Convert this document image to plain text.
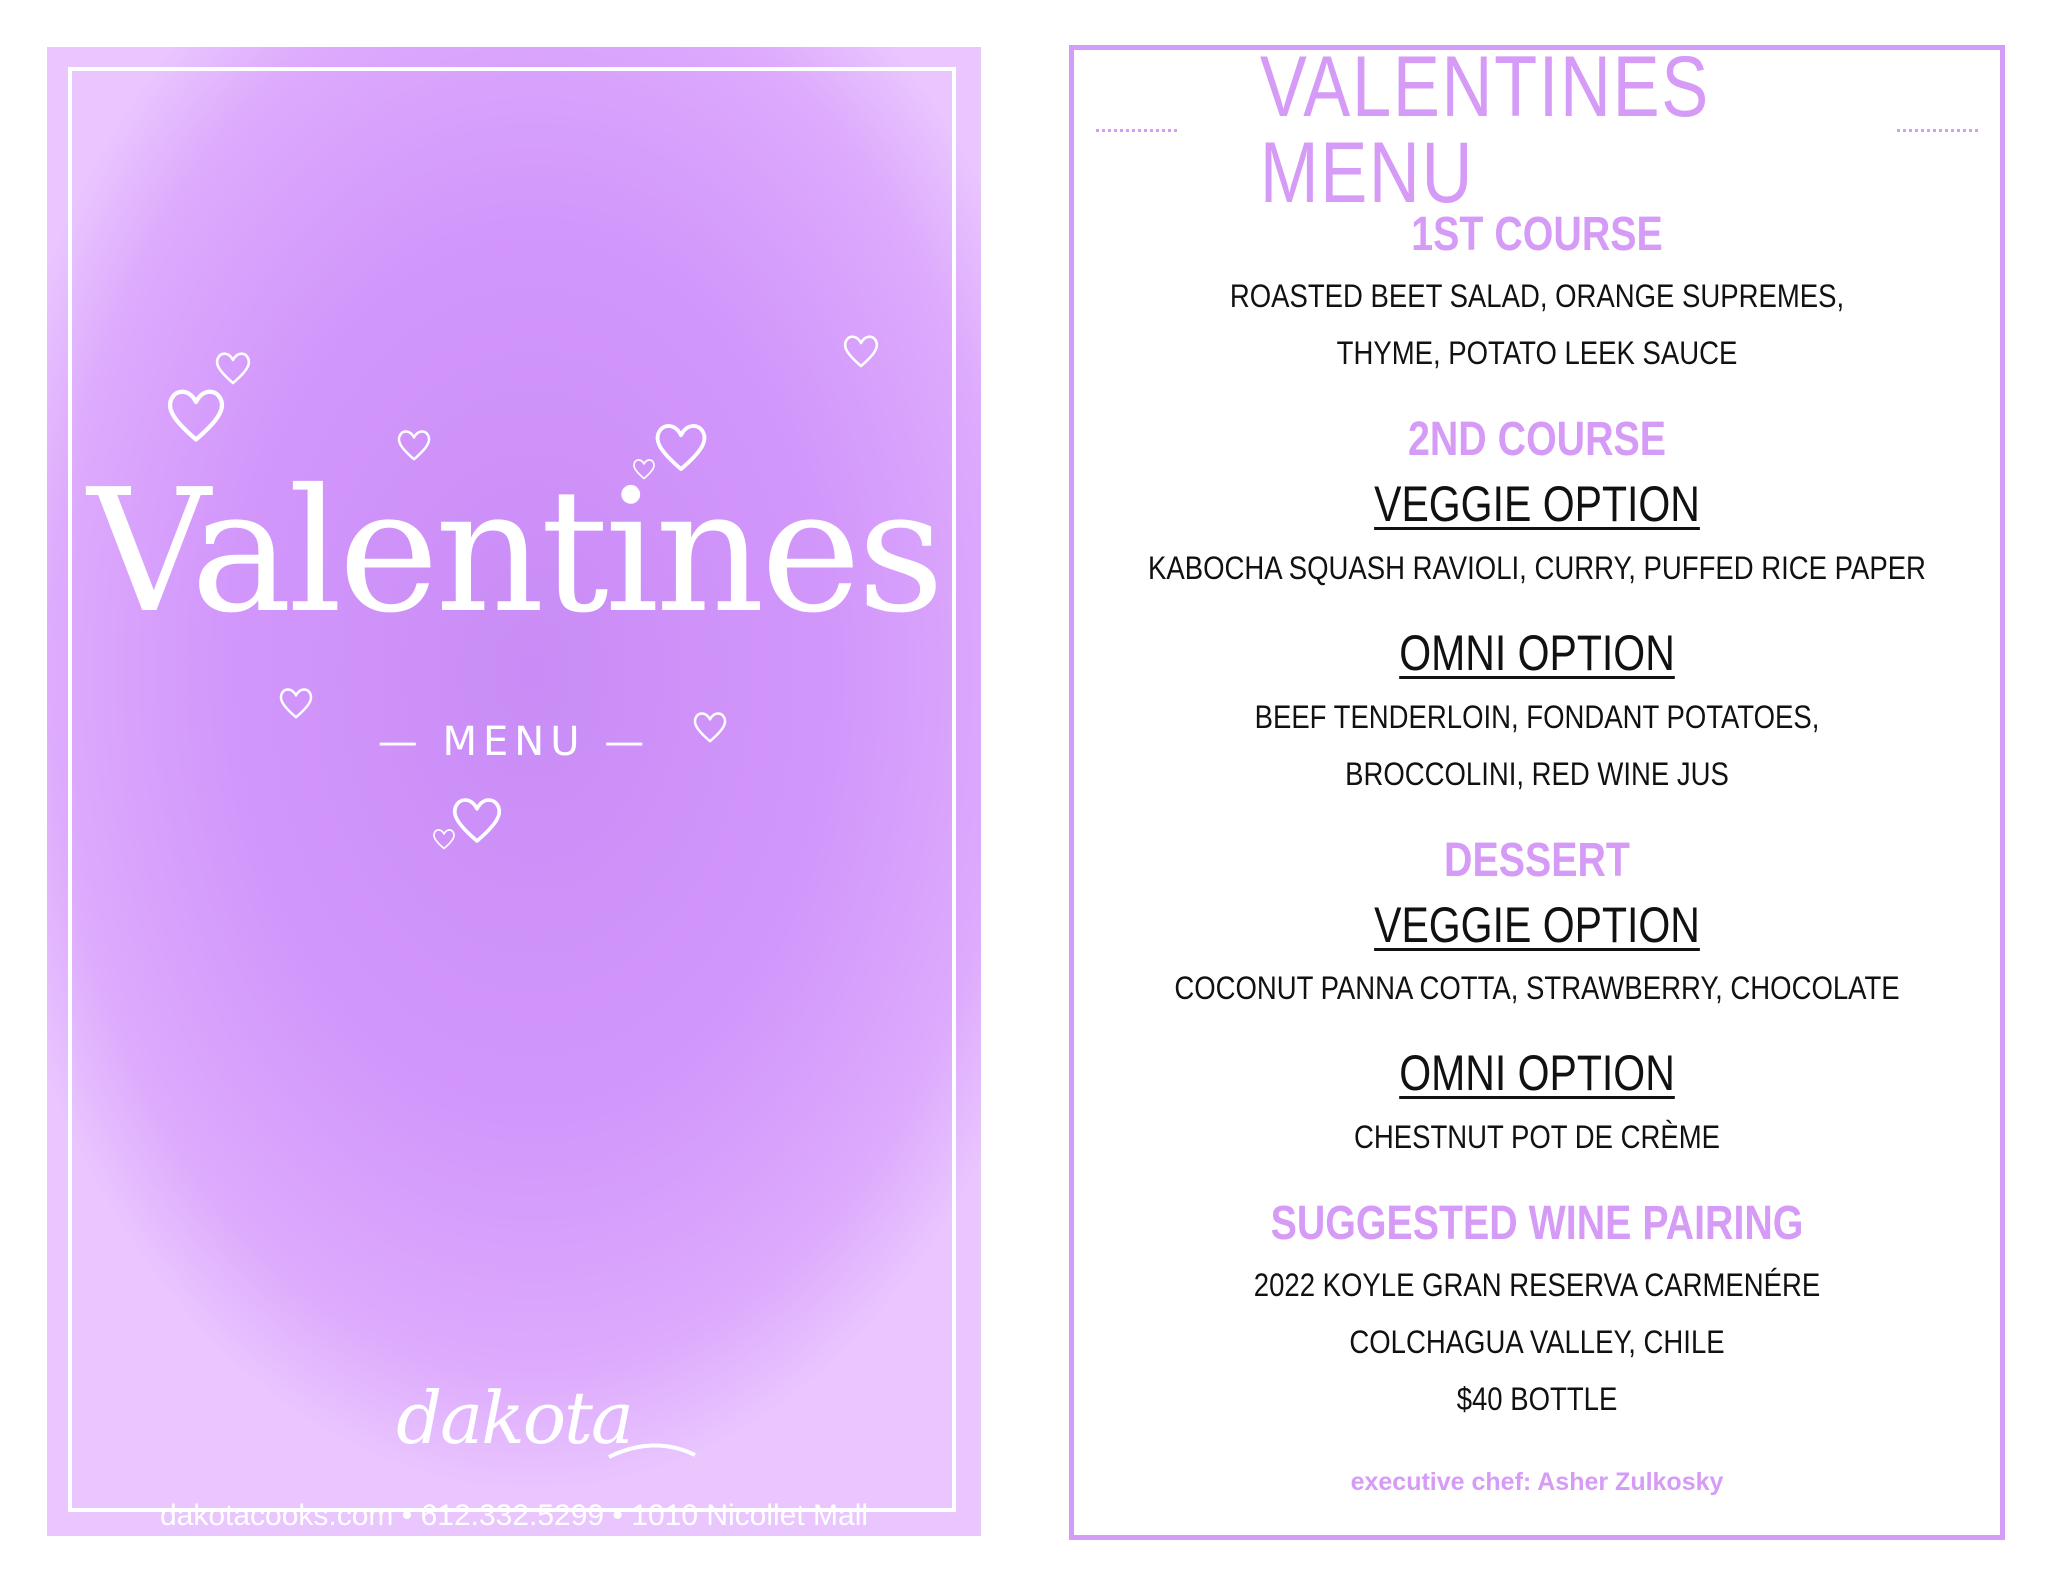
Valentines
— MENU —
dakota
dakotacooks.com • 612.332.5299 • 1010 Nicollet Mall
VALENTINES MENU
1ST COURSE
ROASTED BEET SALAD, ORANGE SUPREMES,
THYME, POTATO LEEK SAUCE
2ND COURSE
VEGGIE OPTION
KABOCHA SQUASH RAVIOLI, CURRY, PUFFED RICE PAPER
OMNI OPTION
BEEF TENDERLOIN, FONDANT POTATOES,
BROCCOLINI, RED WINE JUS
DESSERT
VEGGIE OPTION
COCONUT PANNA COTTA, STRAWBERRY, CHOCOLATE
OMNI OPTION
CHESTNUT POT DE CRÈME
SUGGESTED WINE PAIRING
2022 KOYLE GRAN RESERVA CARMENÉRE
COLCHAGUA VALLEY, CHILE
$40 BOTTLE
executive chef: Asher Zulkosky
